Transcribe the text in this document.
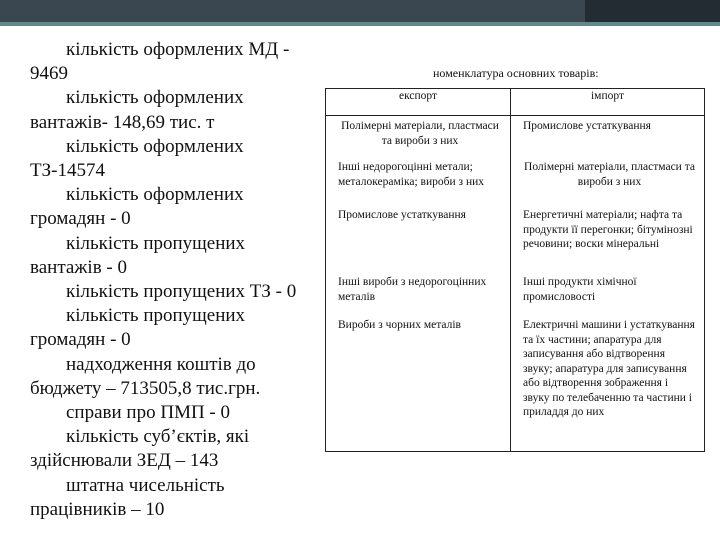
кількість оформлених МД - 9469

кількість оформлених вантажів- 148,69 тис. т

кількість оформлених ТЗ-14574

кількість оформлених громадян - 0

кількість пропущених вантажів - 0

кількість пропущених ТЗ - 0

кількість пропущених громадян - 0

надходження коштів до бюджету – 713505,8 тис.грн.

справи про ПМП - 0

кількість суб’єктів, які здійснювали ЗЕД – 143

штатна чисельність працівників – 10

номенклатура основних товарів:
експорт	імпорт
Полімерні матеріали, пластмаси та вироби з них	Промислове устаткування
Інші недорогоцінні метали; металокераміка; вироби з них	Полімерні матеріали, пластмаси та вироби з них
Промислове устаткування	Енергетичні матеріали; нафта та продукти її перегонки; бітумінозні речовини; воски мінеральні
Інші вироби з недорогоцінних металів	Інші продукти хімічної промисловості
Вироби з чорних металів	Електричні машини і устаткування та їх частини; апаратура для записування або відтворення звуку; апаратура для записування або відтворення зображення і звуку по телебаченню та частини і приладдя до них
